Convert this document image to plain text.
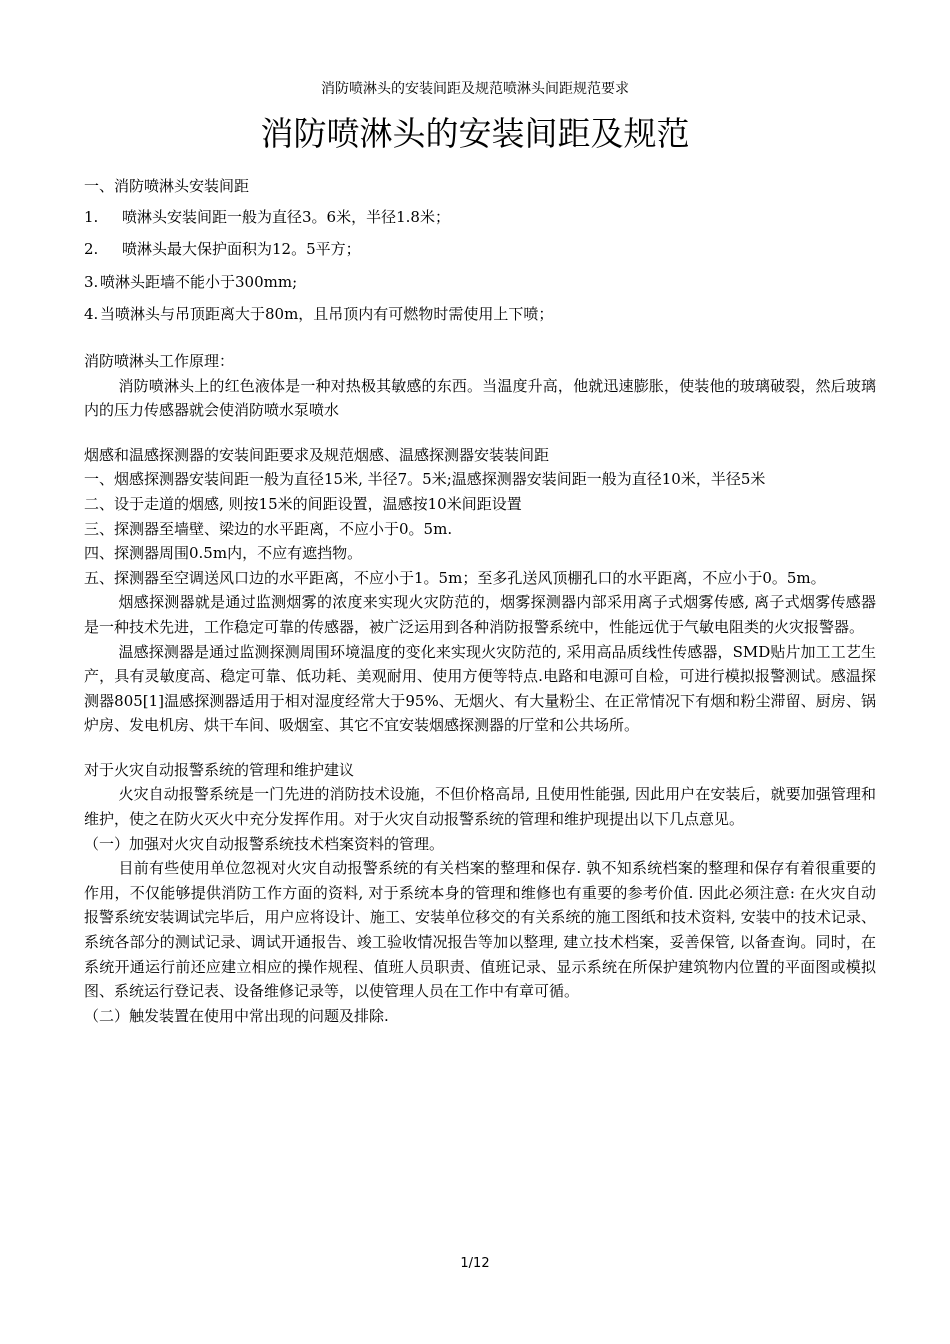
消防喷淋头的安装间距及规范喷淋头间距规范要求
消防喷淋头的安装间距及规范

一、消防喷淋头安装间距

1.	喷淋头安装间距一般为直径3。6米，半径1.8米；
2.	喷淋头最大保护面积为12。5平方；
3. 喷淋头距墙不能小于300mm;
4. 当喷淋头与吊顶距离大于80m，且吊顶内有可燃物时需使用上下喷；

消防喷淋头工作原理：

消防喷淋头上的红色液体是一种对热极其敏感的东西。当温度升高，他就迅速膨胀，使装他的玻璃破裂，然后玻璃内的压力传感器就会使消防喷水泵喷水

烟感和温感探测器的安装间距要求及规范烟感、温感探测器安装装间距

一、烟感探测器安装间距一般为直径15米, 半径7。5米;温感探测器安装间距一般为直径10米，半径5米

二、设于走道的烟感, 则按15米的间距设置，温感按10米间距设置

三、探测器至墙壁、梁边的水平距离，不应小于0。5m.

四、探测器周围0.5m内，不应有遮挡物。

五、探测器至空调送风口边的水平距离，不应小于1。5m；至多孔送风顶棚孔口的水平距离，不应小于0。5m。

烟感探测器就是通过监测烟雾的浓度来实现火灾防范的，烟雾探测器内部采用离子式烟雾传感, 离子式烟雾传感器是一种技术先进，工作稳定可靠的传感器，被广泛运用到各种消防报警系统中，性能远优于气敏电阻类的火灾报警器。

温感探测器是通过监测探测周围环境温度的变化来实现火灾防范的, 采用高品质线性传感器，SMD贴片加工工艺生产，具有灵敏度高、稳定可靠、低功耗、美观耐用、使用方便等特点.电路和电源可自检，可进行模拟报警测试。感温探测器805[1]温感探测器适用于相对湿度经常大于95%、无烟火、有大量粉尘、在正常情况下有烟和粉尘滞留、厨房、锅炉房、发电机房、烘干车间、吸烟室、其它不宜安装烟感探测器的厅堂和公共场所。

对于火灾自动报警系统的管理和维护建议

火灾自动报警系统是一门先进的消防技术设施，不但价格高昂, 且使用性能强, 因此用户在安装后，就要加强管理和维护，使之在防火灭火中充分发挥作用。对于火灾自动报警系统的管理和维护现提出以下几点意见。

（一）加强对火灾自动报警系统技术档案资料的管理。

目前有些使用单位忽视对火灾自动报警系统的有关档案的整理和保存. 孰不知系统档案的整理和保存有着很重要的作用，不仅能够提供消防工作方面的资料, 对于系统本身的管理和维修也有重要的参考价值. 因此必须注意: 在火灾自动报警系统安装调试完毕后，用户应将设计、施工、安装单位移交的有关系统的施工图纸和技术资料, 安装中的技术记录、系统各部分的测试记录、调试开通报告、竣工验收情况报告等加以整理, 建立技术档案，妥善保管, 以备查询。同时，在系统开通运行前还应建立相应的操作规程、值班人员职责、值班记录、显示系统在所保护建筑物内位置的平面图或模拟图、系统运行登记表、设备维修记录等，以使管理人员在工作中有章可循。

（二）触发装置在使用中常出现的问题及排除.

1/12
